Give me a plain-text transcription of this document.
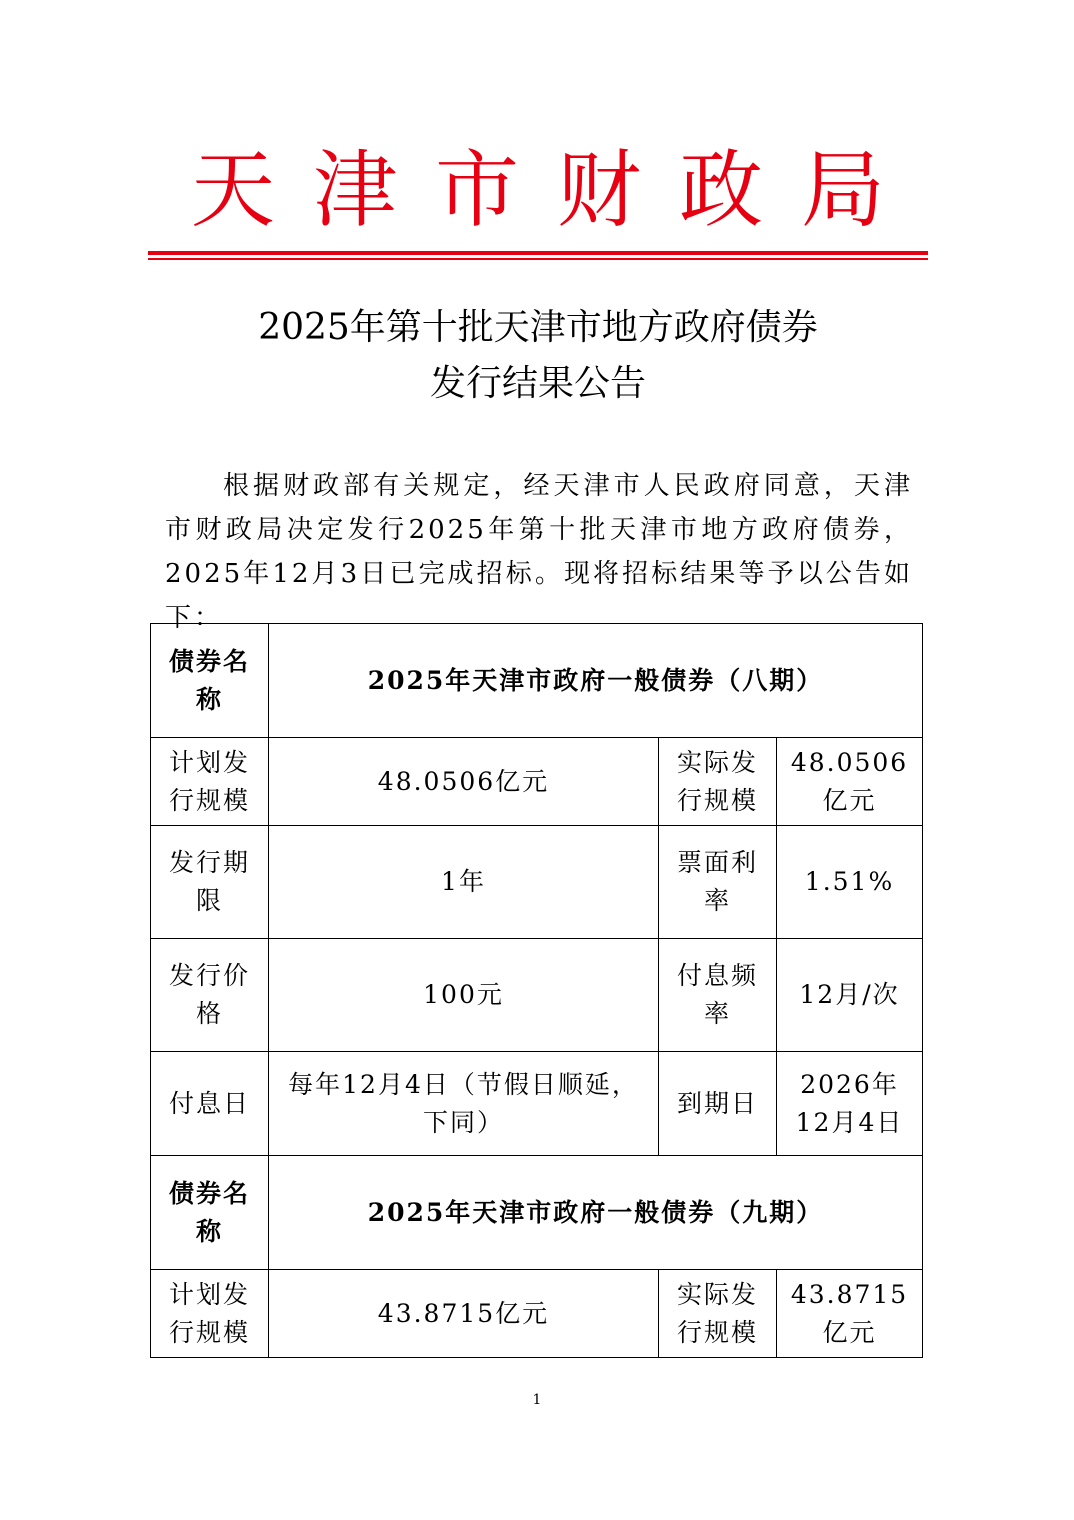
天津市财政局
2025年第十批天津市地方政府债券
发行结果公告
根据财政部有关规定，经天津市人民政府同意，天津市财政局决定发行2025年第十批天津市地方政府债券，2025年12月3日已完成招标。现将招标结果等予以公告如下：
债券名称	2025年天津市政府一般债券（八期）		
计划发行规模	48.0506亿元	实际发行规模	48.0506亿元
发行期限	1年	票面利率	1.51%
发行价格	100元	付息频率	12月/次
付息日	每年12月4日（节假日顺延，下同）	到期日	2026年12月4日
债券名称	2025年天津市政府一般债券（九期）		
计划发行规模	43.8715亿元	实际发行规模	43.8715亿元
1
